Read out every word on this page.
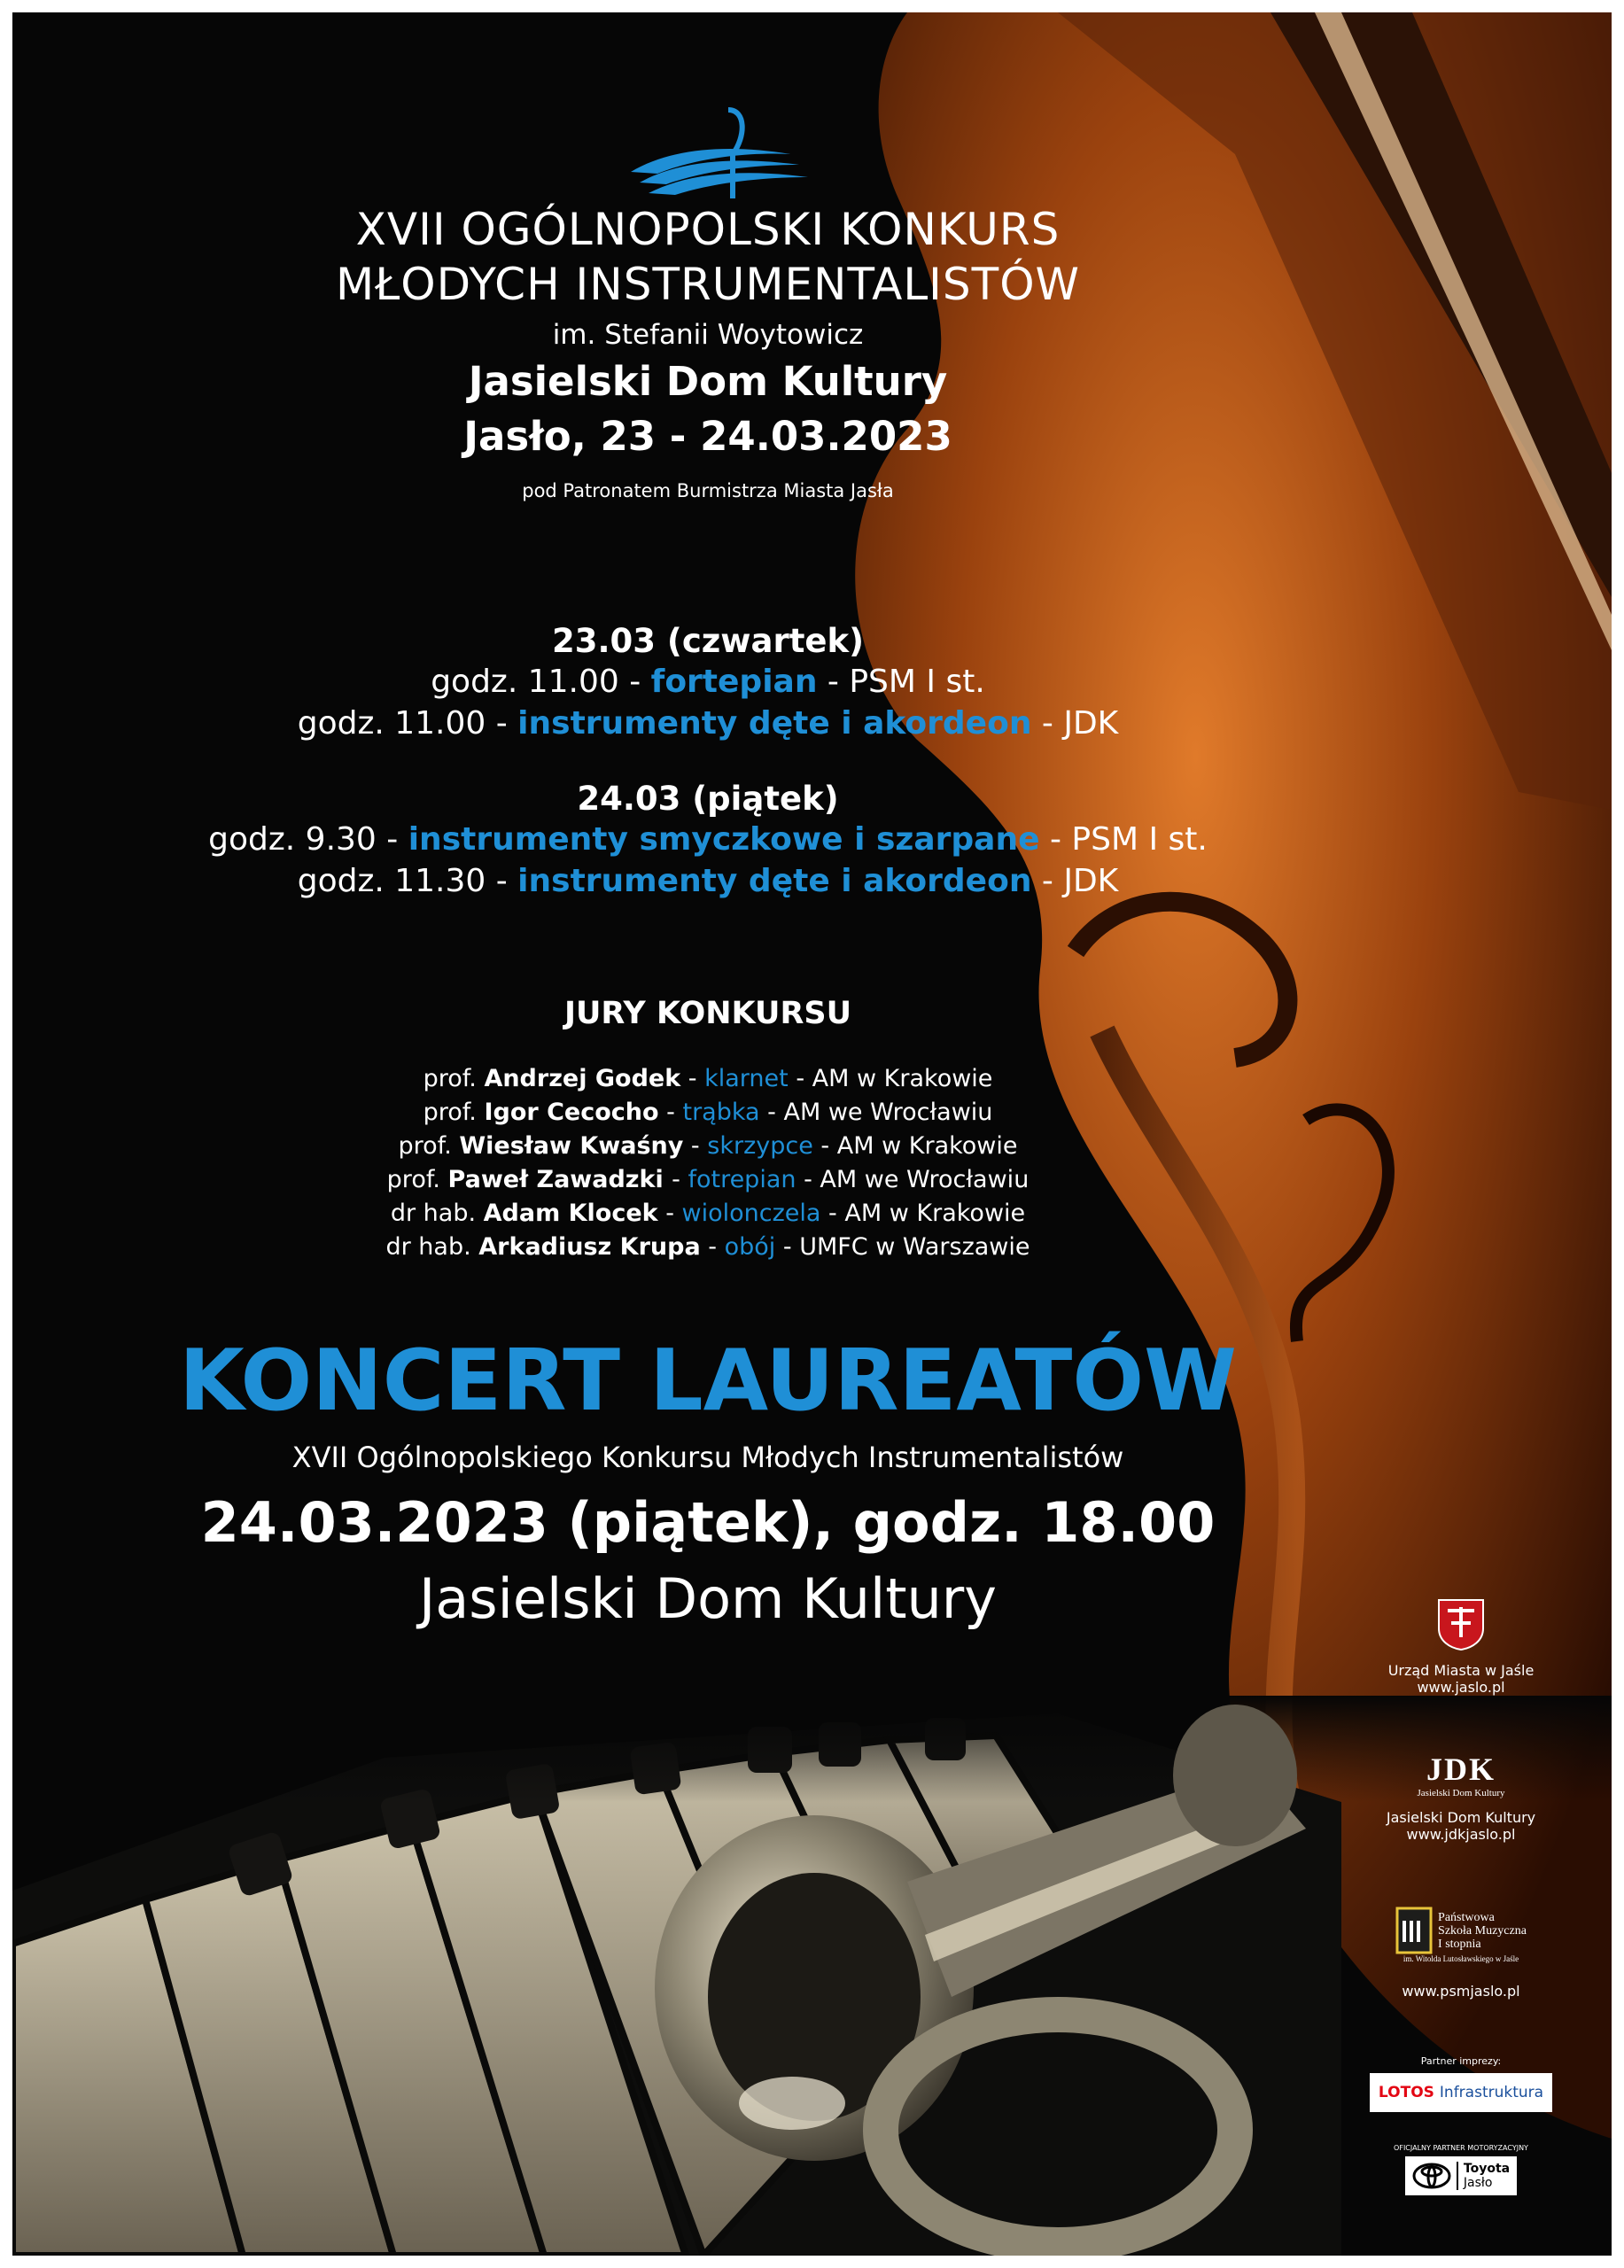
XVII OGÓLNOPOLSKI KONKURS
MŁODYCH INSTRUMENTALISTÓW
im. Stefanii Woytowicz
Jasielski Dom Kultury
Jasło, 23 - 24.03.2023
pod Patronatem Burmistrza Miasta Jasła
23.03 (czwartek)
godz. 11.00 - fortepian - PSM I st.
godz. 11.00 - instrumenty dęte i akordeon - JDK
24.03 (piątek)
godz. 9.30 - instrumenty smyczkowe i szarpane - PSM I st.
godz. 11.30 - instrumenty dęte i akordeon - JDK
JURY KONKURSU
prof. Andrzej Godek - klarnet - AM w Krakowie
prof. Igor Cecocho - trąbka - AM we Wrocławiu
prof. Wiesław Kwaśny - skrzypce - AM w Krakowie
prof. Paweł Zawadzki - fotrepian - AM we Wrocławiu
dr hab. Adam Klocek - wiolonczela - AM w Krakowie
dr hab. Arkadiusz Krupa - obój - UMFC w Warszawie
KONCERT LAUREATÓW
XVII Ogólnopolskiego Konkursu Młodych Instrumentalistów
24.03.2023 (piątek), godz. 18.00
Jasielski Dom Kultury
Urząd Miasta w Jaśle
www.jaslo.pl
JDK
Jasielski Dom Kultury
Jasielski Dom Kultury
www.jdkjaslo.pl
Państwowa
Szkoła Muzyczna
I stopnia
im. Witolda Lutosławskiego w Jaśle
www.psmjaslo.pl
Partner imprezy:
LOTOS Infrastruktura
OFICJALNY PARTNER MOTORYZACYJNY
Toyota
Jasło
